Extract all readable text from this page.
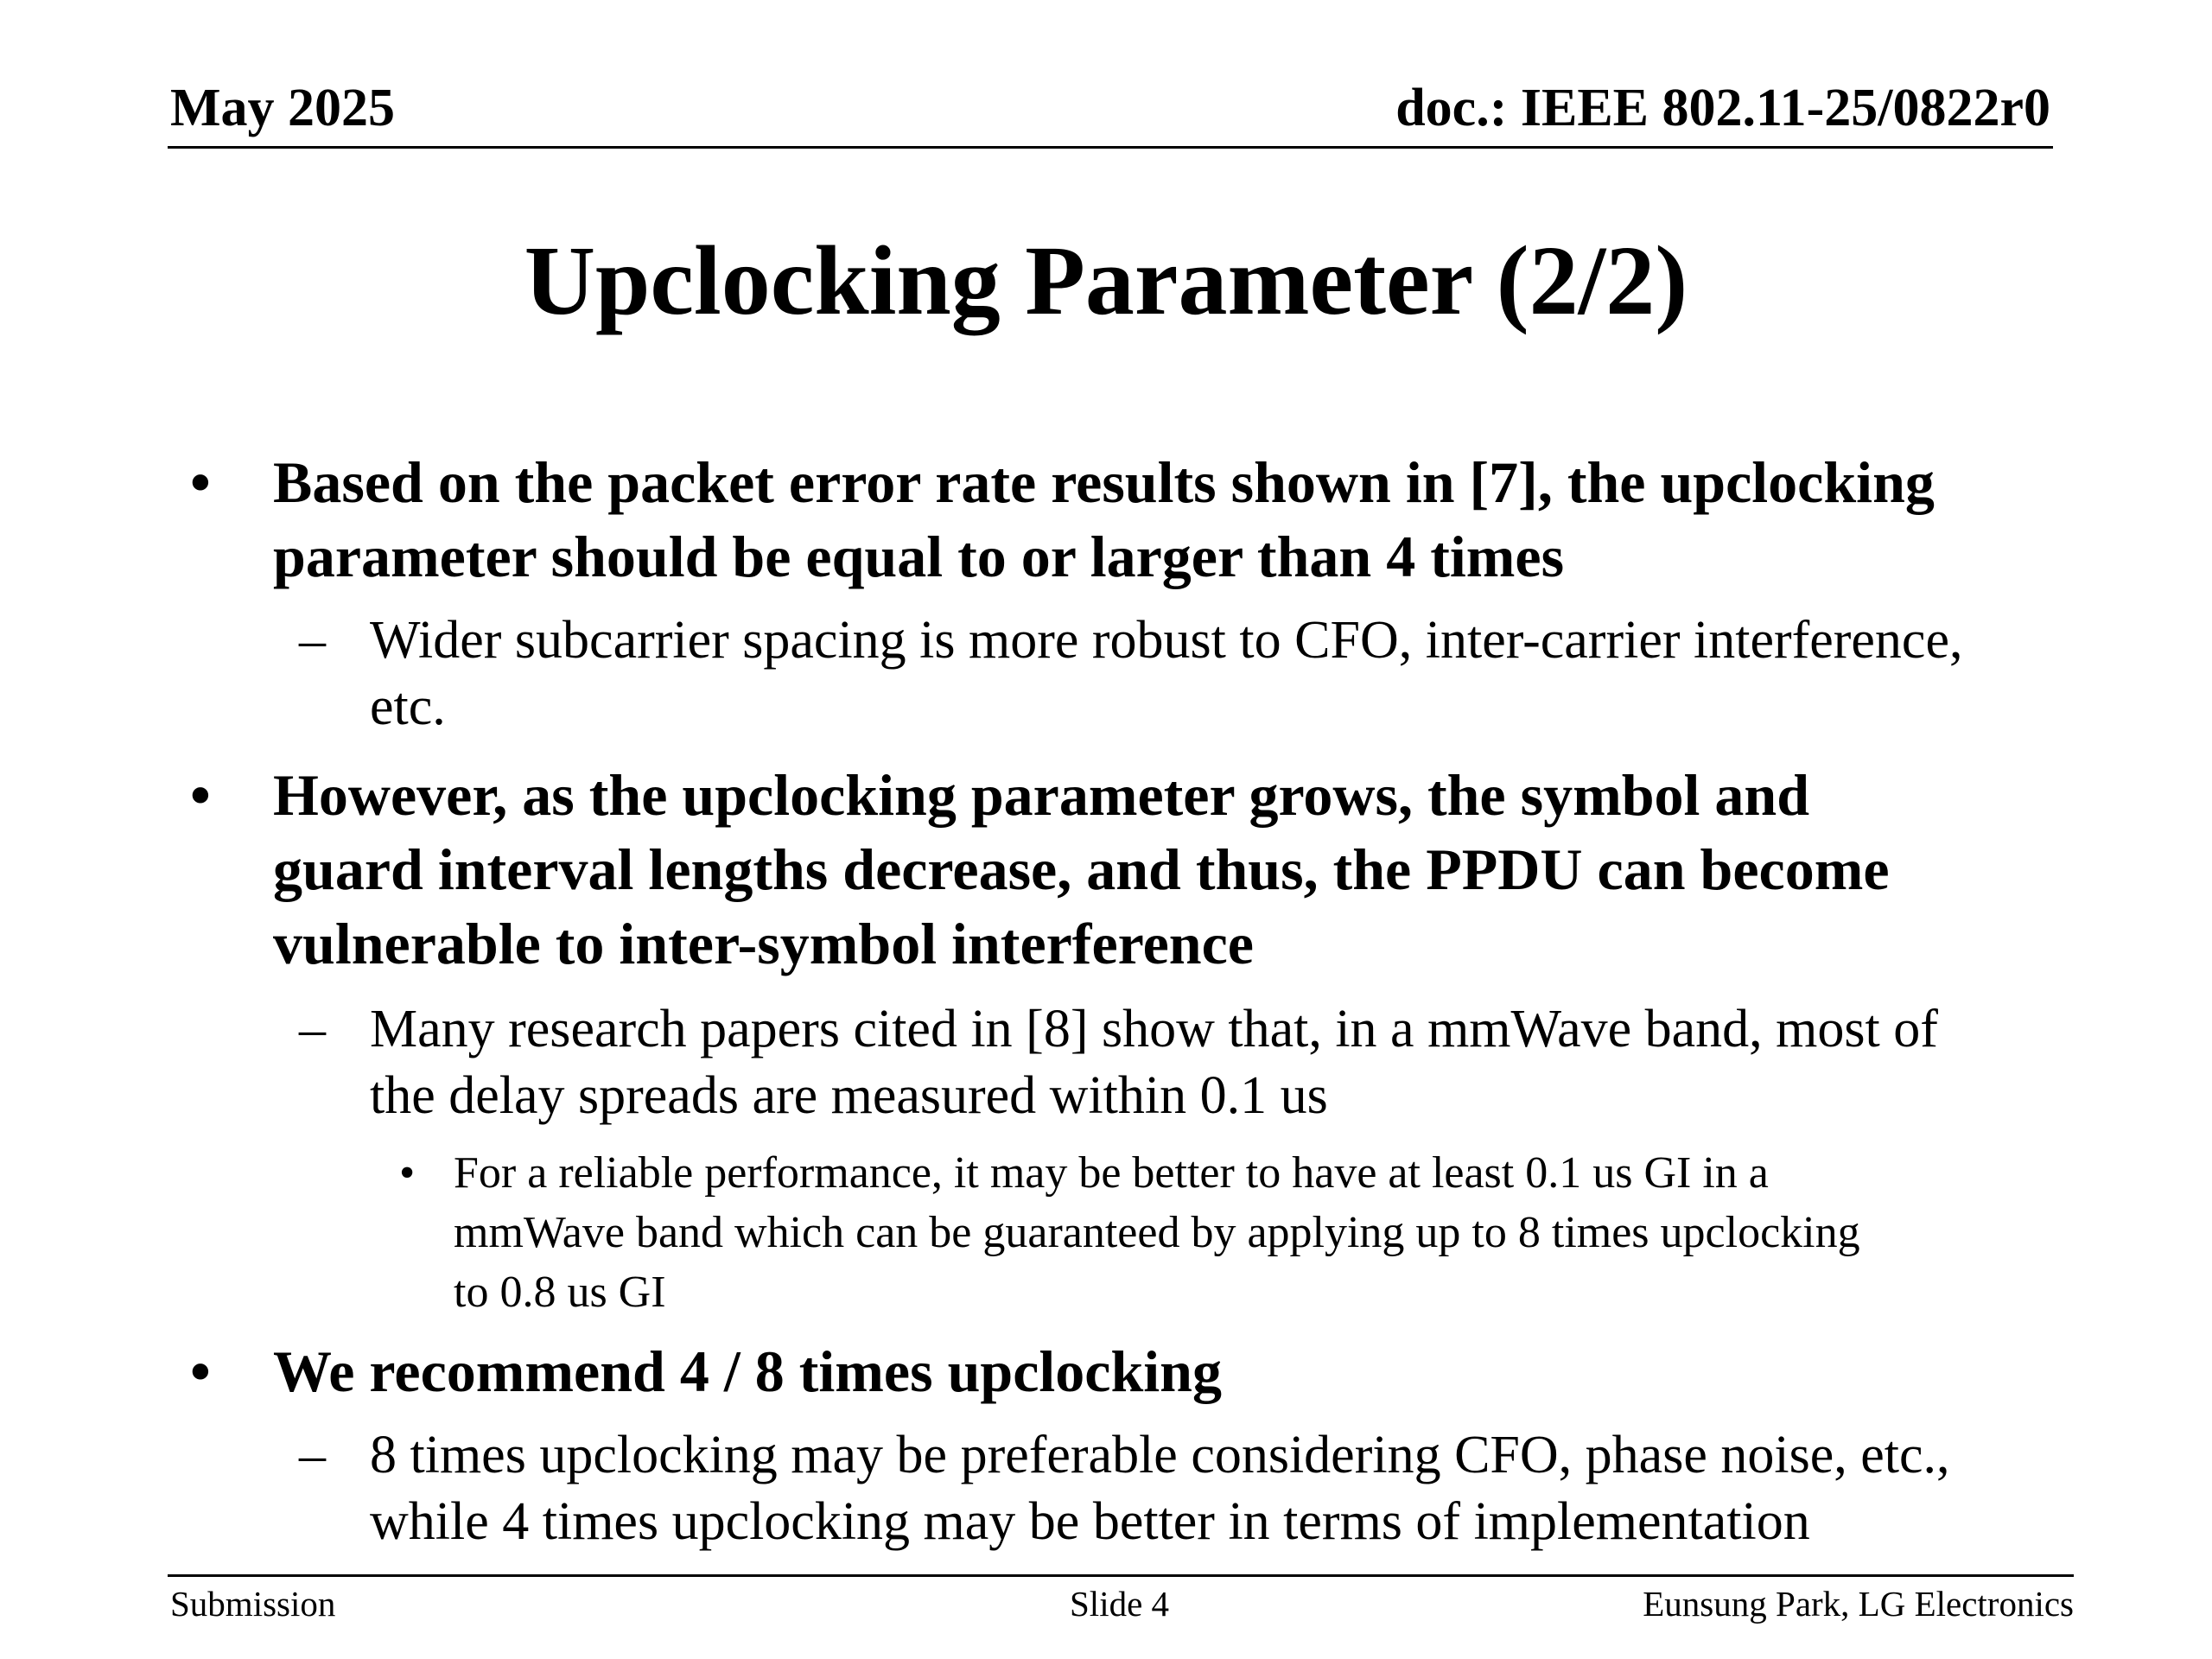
May 2025	doc.: IEEE 802.11-25/0822r0
Upclocking Parameter (2/2)
• Based on the packet error rate results shown in [7], the upclocking
parameter should be equal to or larger than 4 times
– Wider subcarrier spacing is more robust to CFO, inter-carrier interference,
etc.
• However, as the upclocking parameter grows, the symbol and
guard interval lengths decrease, and thus, the PPDU can become
vulnerable to inter-symbol interference
– Many research papers cited in [8] show that, in a mmWave band, most of
the delay spreads are measured within 0.1 us
• For a reliable performance, it may be better to have at least 0.1 us GI in a
mmWave band which can be guaranteed by applying up to 8 times upclocking
to 0.8 us GI
• We recommend 4 / 8 times upclocking
– 8 times upclocking may be preferable considering CFO, phase noise, etc.,
while 4 times upclocking may be better in terms of implementation
Submission	Slide 4	Eunsung Park, LG Electronics
